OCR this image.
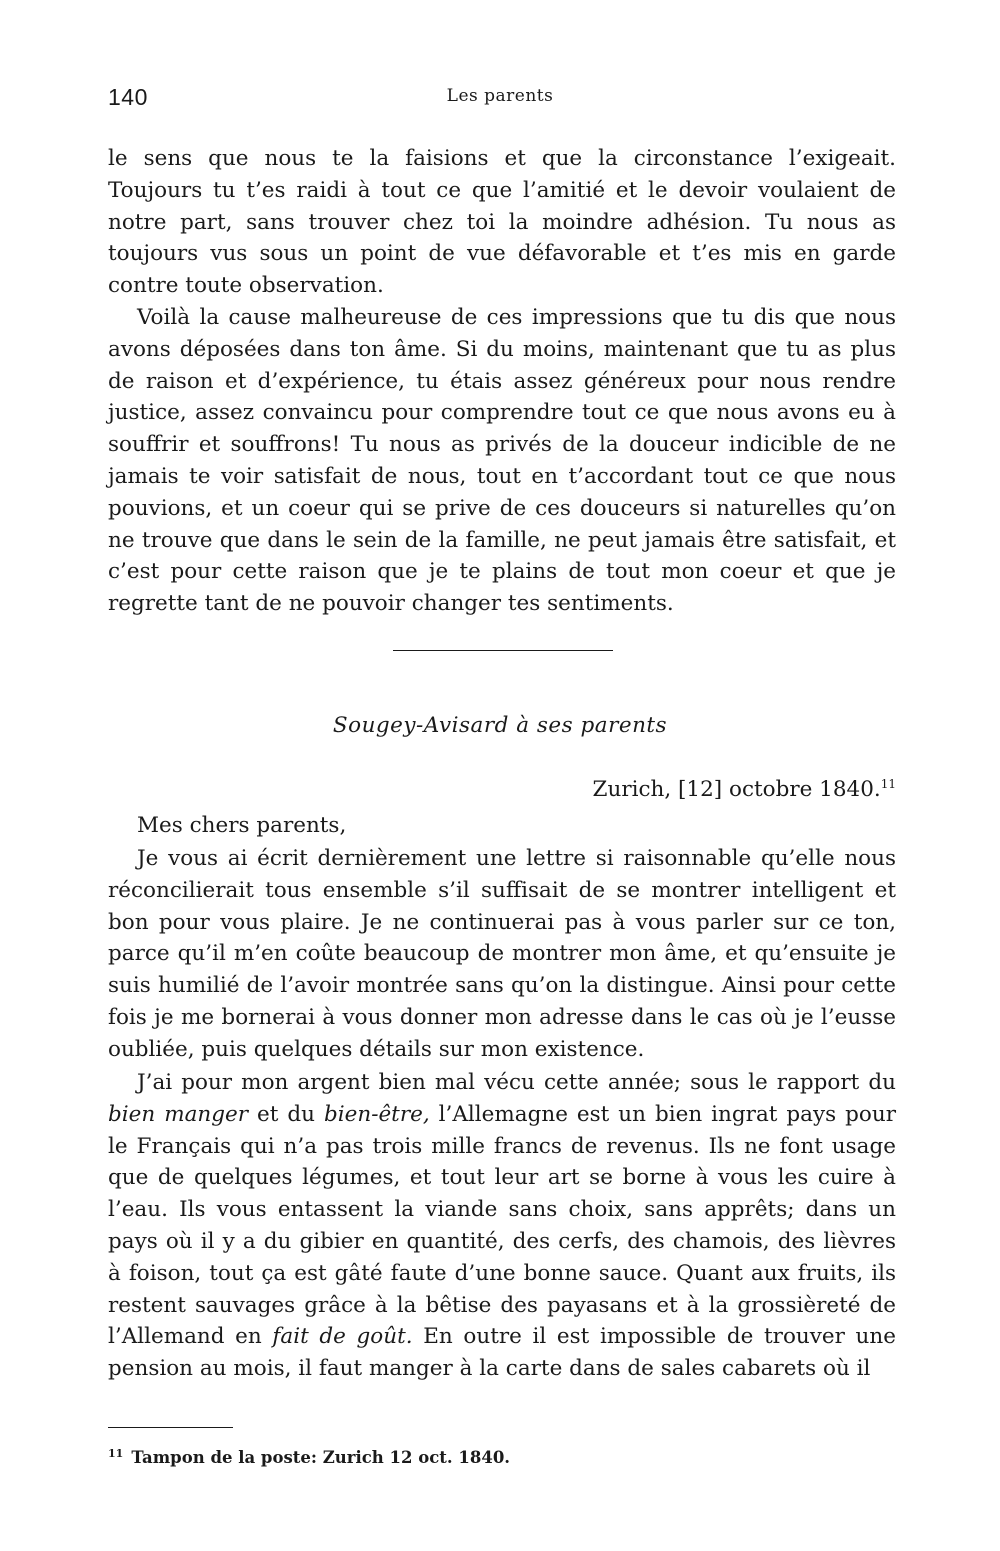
140	Les parents

le sens que nous te la faisions et que la circonstance l’exigeait. Toujours tu t’es raidi à tout ce que l’amitié et le devoir voulaient de notre part, sans trouver chez toi la moindre adhésion. Tu nous as toujours vus sous un point de vue défavorable et t’es mis en garde contre toute observation.

Voilà la cause malheureuse de ces impressions que tu dis que nous avons déposées dans ton âme. Si du moins, maintenant que tu as plus de raison et d’expérience, tu étais assez généreux pour nous rendre justice, assez convaincu pour comprendre tout ce que nous avons eu à souffrir et souffrons! Tu nous as privés de la douceur indicible de ne jamais te voir satisfait de nous, tout en t’accordant tout ce que nous pouvions, et un coeur qui se prive de ces douceurs si naturelles qu’on ne trouve que dans le sein de la famille, ne peut jamais être satisfait, et c’est pour cette raison que je te plains de tout mon coeur et que je regrette tant de ne pouvoir changer tes sentiments.

Sougey-Avisard à ses parents
Zurich, [12] octobre 1840.11
Mes chers parents,

Je vous ai écrit dernièrement une lettre si raisonnable qu’elle nous réconcilierait tous ensemble s’il suffisait de se montrer intelligent et bon pour vous plaire. Je ne continuerai pas à vous parler sur ce ton, parce qu’il m’en coûte beaucoup de montrer mon âme, et qu’ensuite je suis humilié de l’avoir montrée sans qu’on la distingue. Ainsi pour cette fois je me bornerai à vous donner mon adresse dans le cas où je l’eusse oubliée, puis quelques détails sur mon existence.

J’ai pour mon argent bien mal vécu cette année; sous le rapport du bien manger et du bien-être, l’Allemagne est un bien ingrat pays pour le Français qui n’a pas trois mille francs de revenus. Ils ne font usage que de quelques légumes, et tout leur art se borne à vous les cuire à l’eau. Ils vous entassent la viande sans choix, sans apprêts; dans un pays où il y a du gibier en quantité, des cerfs, des chamois, des lièvres à foison, tout ça est gâté faute d’une bonne sauce. Quant aux fruits, ils restent sauvages grâce à la bêtise des payasans et à la grossièreté de l’Allemand en fait de goût. En outre il est impossible de trouver une pension au mois, il faut manger à la carte dans de sales cabarets où il

$^{11}$ Tampon de la poste: Zurich 12 oct. 1840.
